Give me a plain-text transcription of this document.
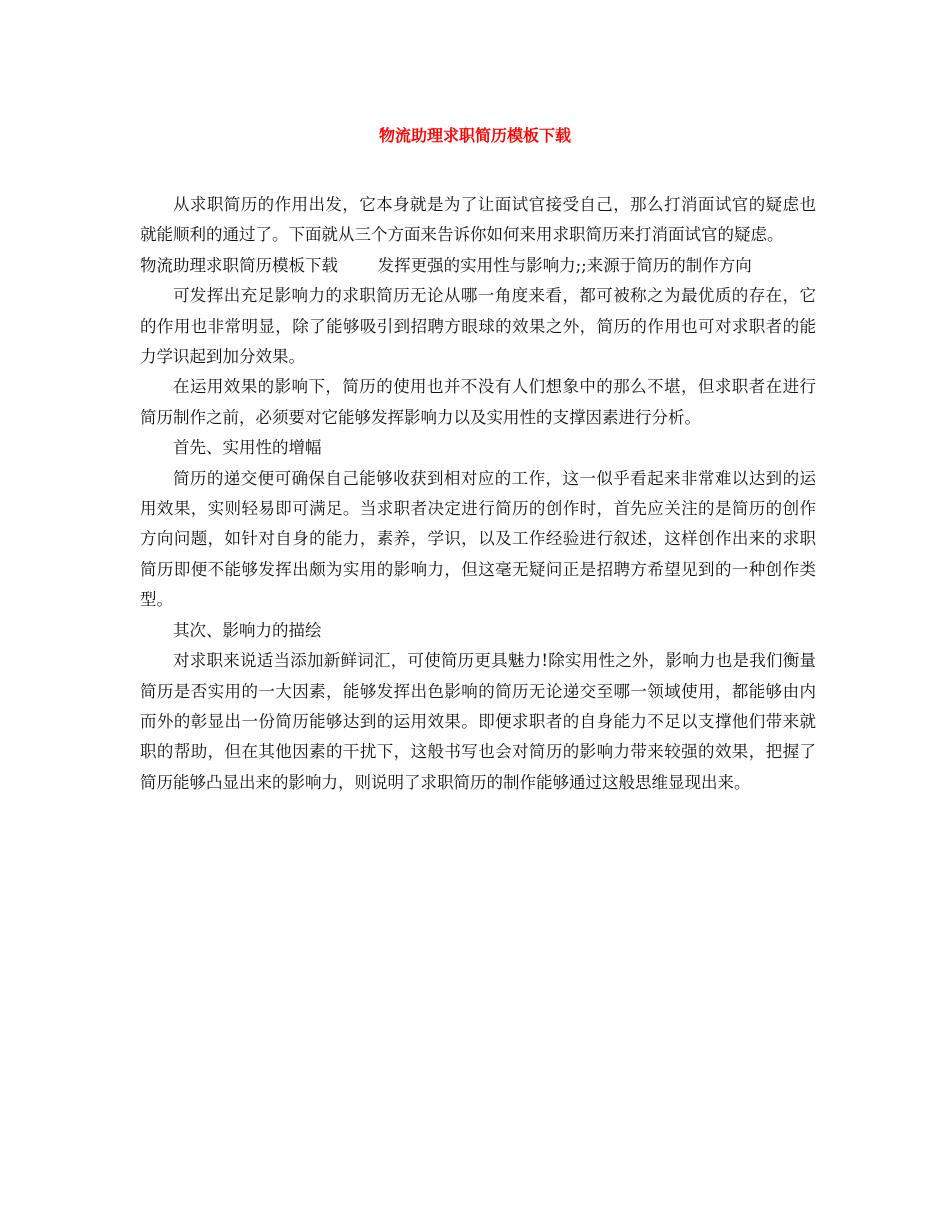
物流助理求职简历模板下载

从求职简历的作用出发，它本身就是为了让面试官接受自己，那么打消面试官的疑虑也就能顺利的通过了。下面就从三个方面来告诉你如何来用求职简历来打消面试官的疑虑。

物流助理求职简历模板下载 发挥更强的实用性与影响力;;来源于简历的制作方向

可发挥出充足影响力的求职简历无论从哪一角度来看，都可被称之为最优质的存在，它的作用也非常明显，除了能够吸引到招聘方眼球的效果之外，简历的作用也可对求职者的能力学识起到加分效果。

在运用效果的影响下，简历的使用也并不没有人们想象中的那么不堪，但求职者在进行简历制作之前，必须要对它能够发挥影响力以及实用性的支撑因素进行分析。

首先、实用性的增幅

简历的递交便可确保自己能够收获到相对应的工作，这一似乎看起来非常难以达到的运用效果，实则轻易即可满足。当求职者决定进行简历的创作时，首先应关注的是简历的创作方向问题，如针对自身的能力，素养，学识，以及工作经验进行叙述，这样创作出来的求职简历即便不能够发挥出颇为实用的影响力，但这毫无疑问正是招聘方希望见到的一种创作类型。

其次、影响力的描绘

对求职来说适当添加新鲜词汇，可使简历更具魅力!除实用性之外，影响力也是我们衡量简历是否实用的一大因素，能够发挥出色影响的简历无论递交至哪一领域使用，都能够由内而外的彰显出一份简历能够达到的运用效果。即便求职者的自身能力不足以支撑他们带来就职的帮助，但在其他因素的干扰下，这般书写也会对简历的影响力带来较强的效果，把握了简历能够凸显出来的影响力，则说明了求职简历的制作能够通过这般思维显现出来。
